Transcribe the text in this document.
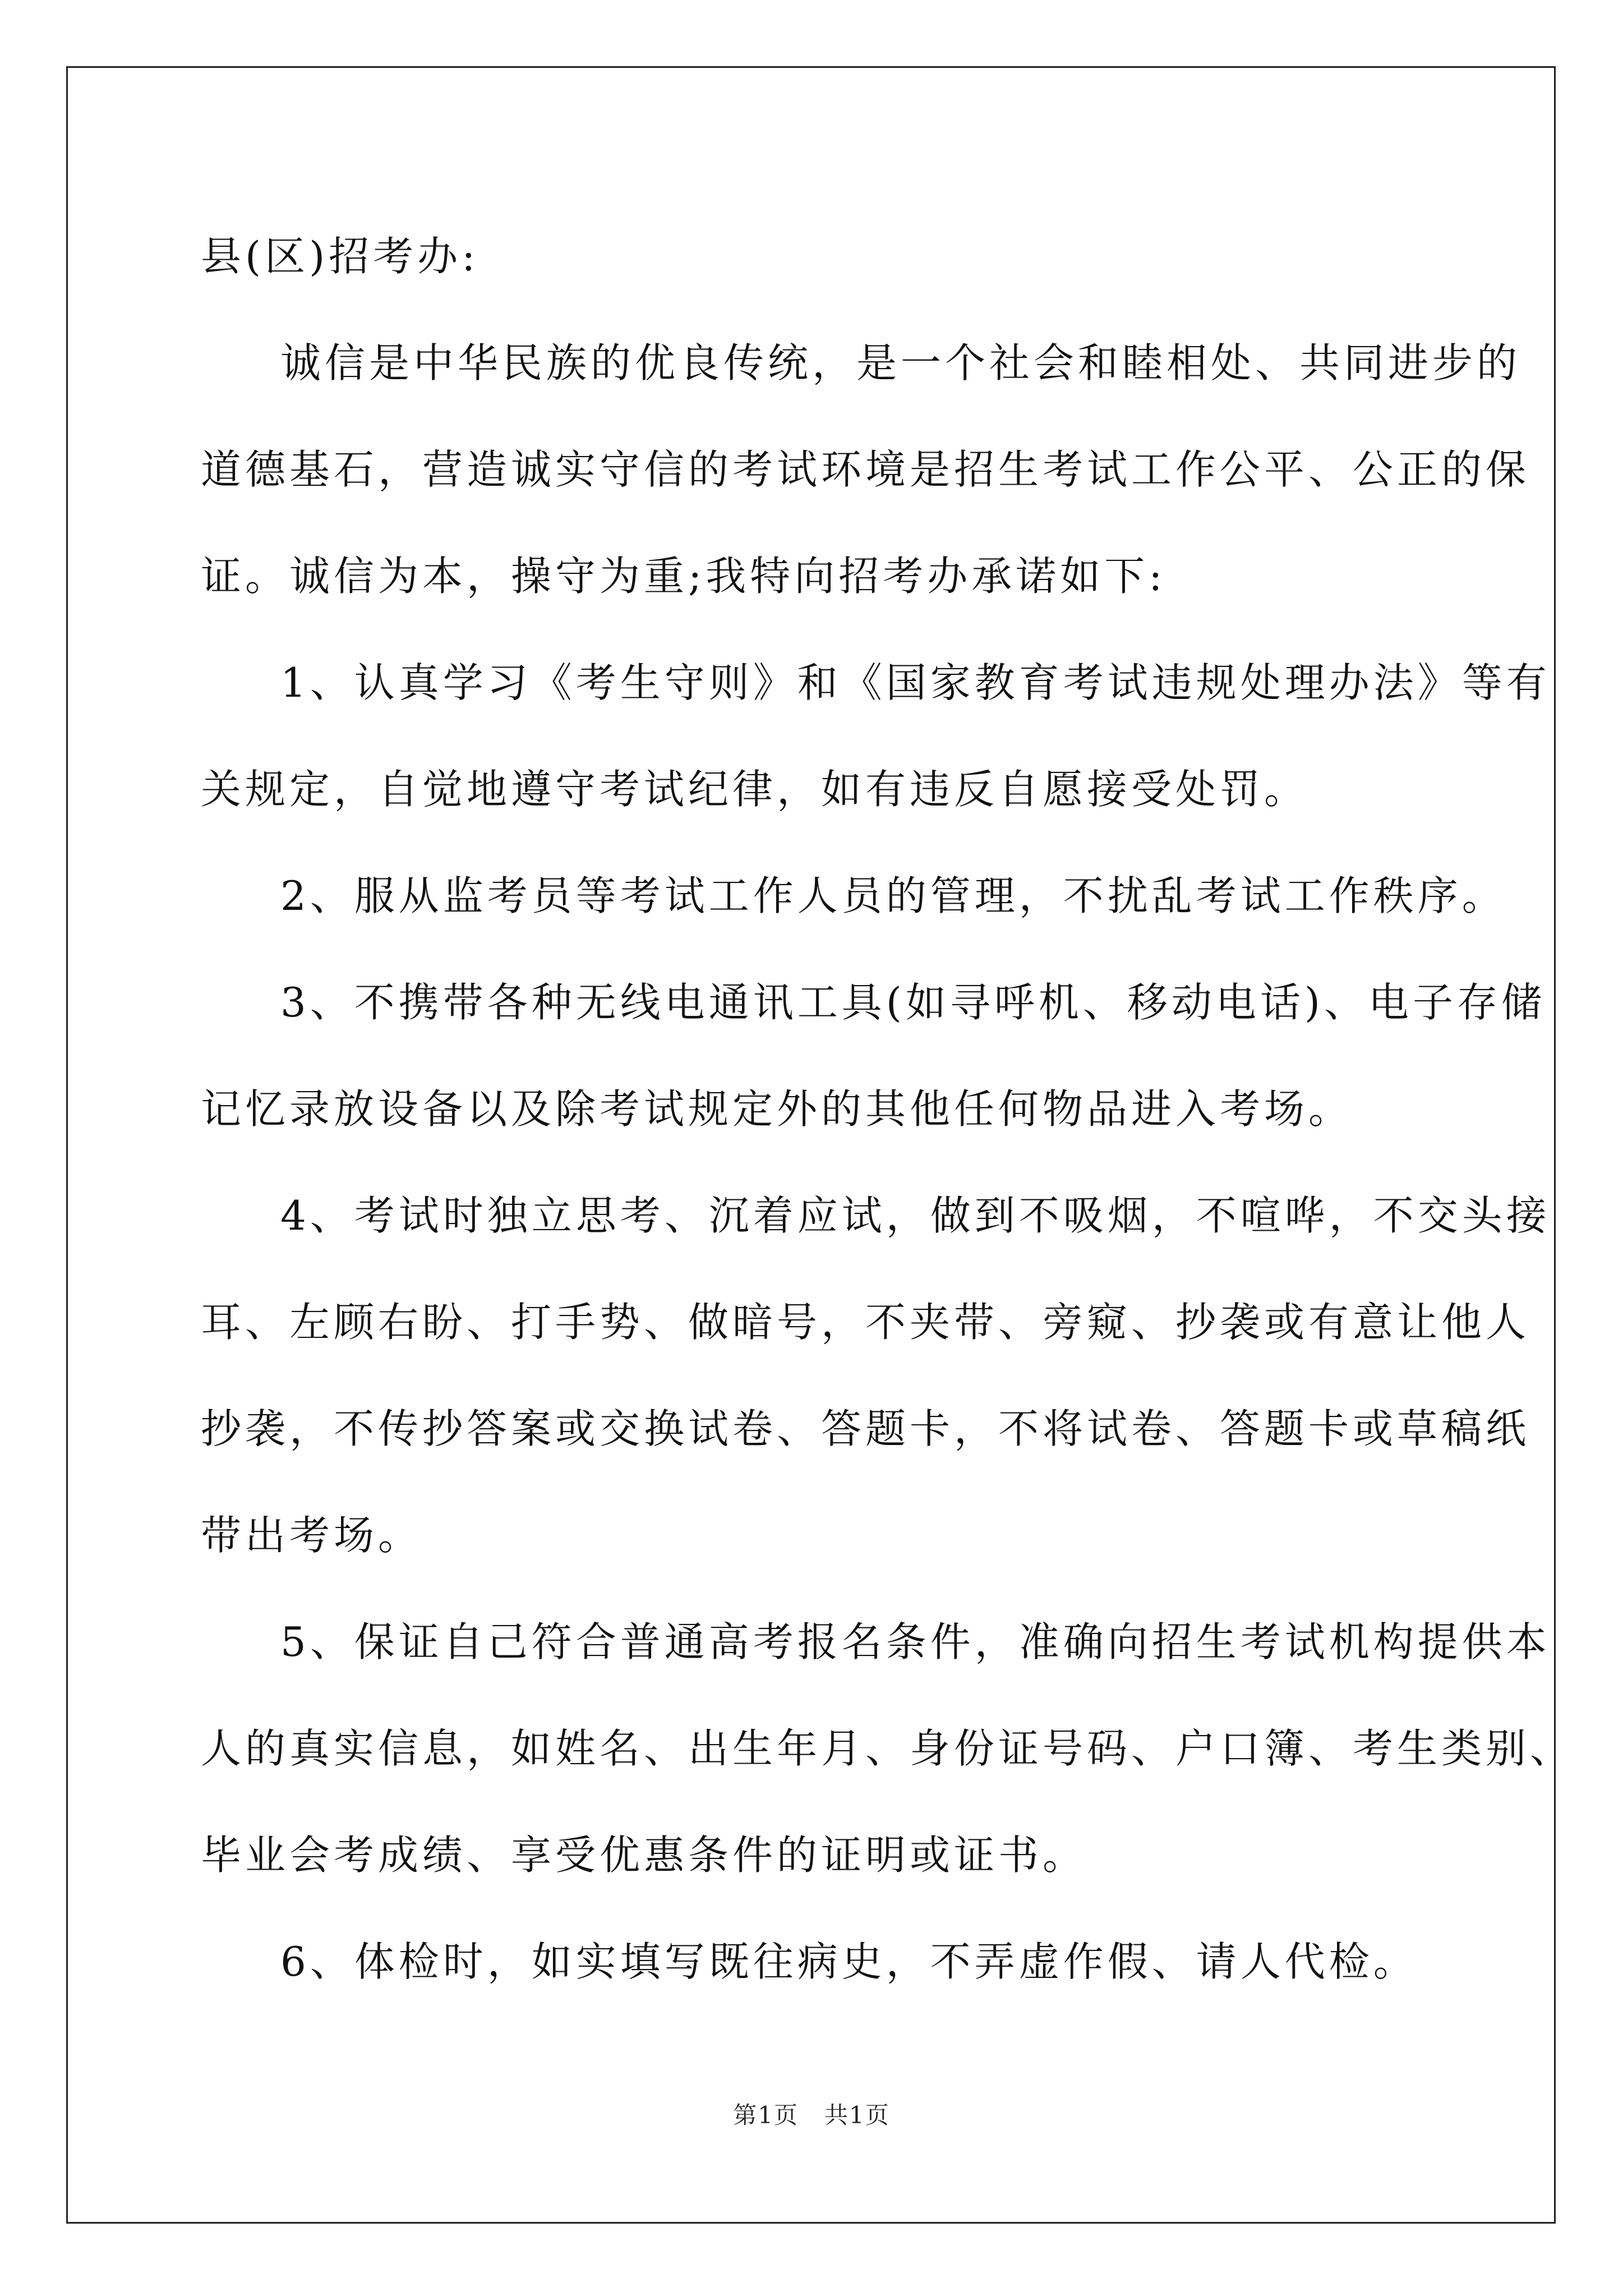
县(区)招考办:
诚信是中华民族的优良传统，是一个社会和睦相处、共同进步的
道德基石，营造诚实守信的考试环境是招生考试工作公平、公正的保
证。诚信为本，操守为重;我特向招考办承诺如下:
1、认真学习《考生守则》和《国家教育考试违规处理办法》等有
关规定，自觉地遵守考试纪律，如有违反自愿接受处罚。
2、服从监考员等考试工作人员的管理，不扰乱考试工作秩序。
3、不携带各种无线电通讯工具(如寻呼机、移动电话)、电子存储
记忆录放设备以及除考试规定外的其他任何物品进入考场。
4、考试时独立思考、沉着应试，做到不吸烟，不喧哗，不交头接
耳、左顾右盼、打手势、做暗号，不夹带、旁窥、抄袭或有意让他人
抄袭，不传抄答案或交换试卷、答题卡，不将试卷、答题卡或草稿纸
带出考场。
5、保证自己符合普通高考报名条件，准确向招生考试机构提供本
人的真实信息，如姓名、出生年月、身份证号码、户口簿、考生类别、
毕业会考成绩、享受优惠条件的证明或证书。
6、体检时，如实填写既往病史，不弄虚作假、请人代检。
第1页 共1页
